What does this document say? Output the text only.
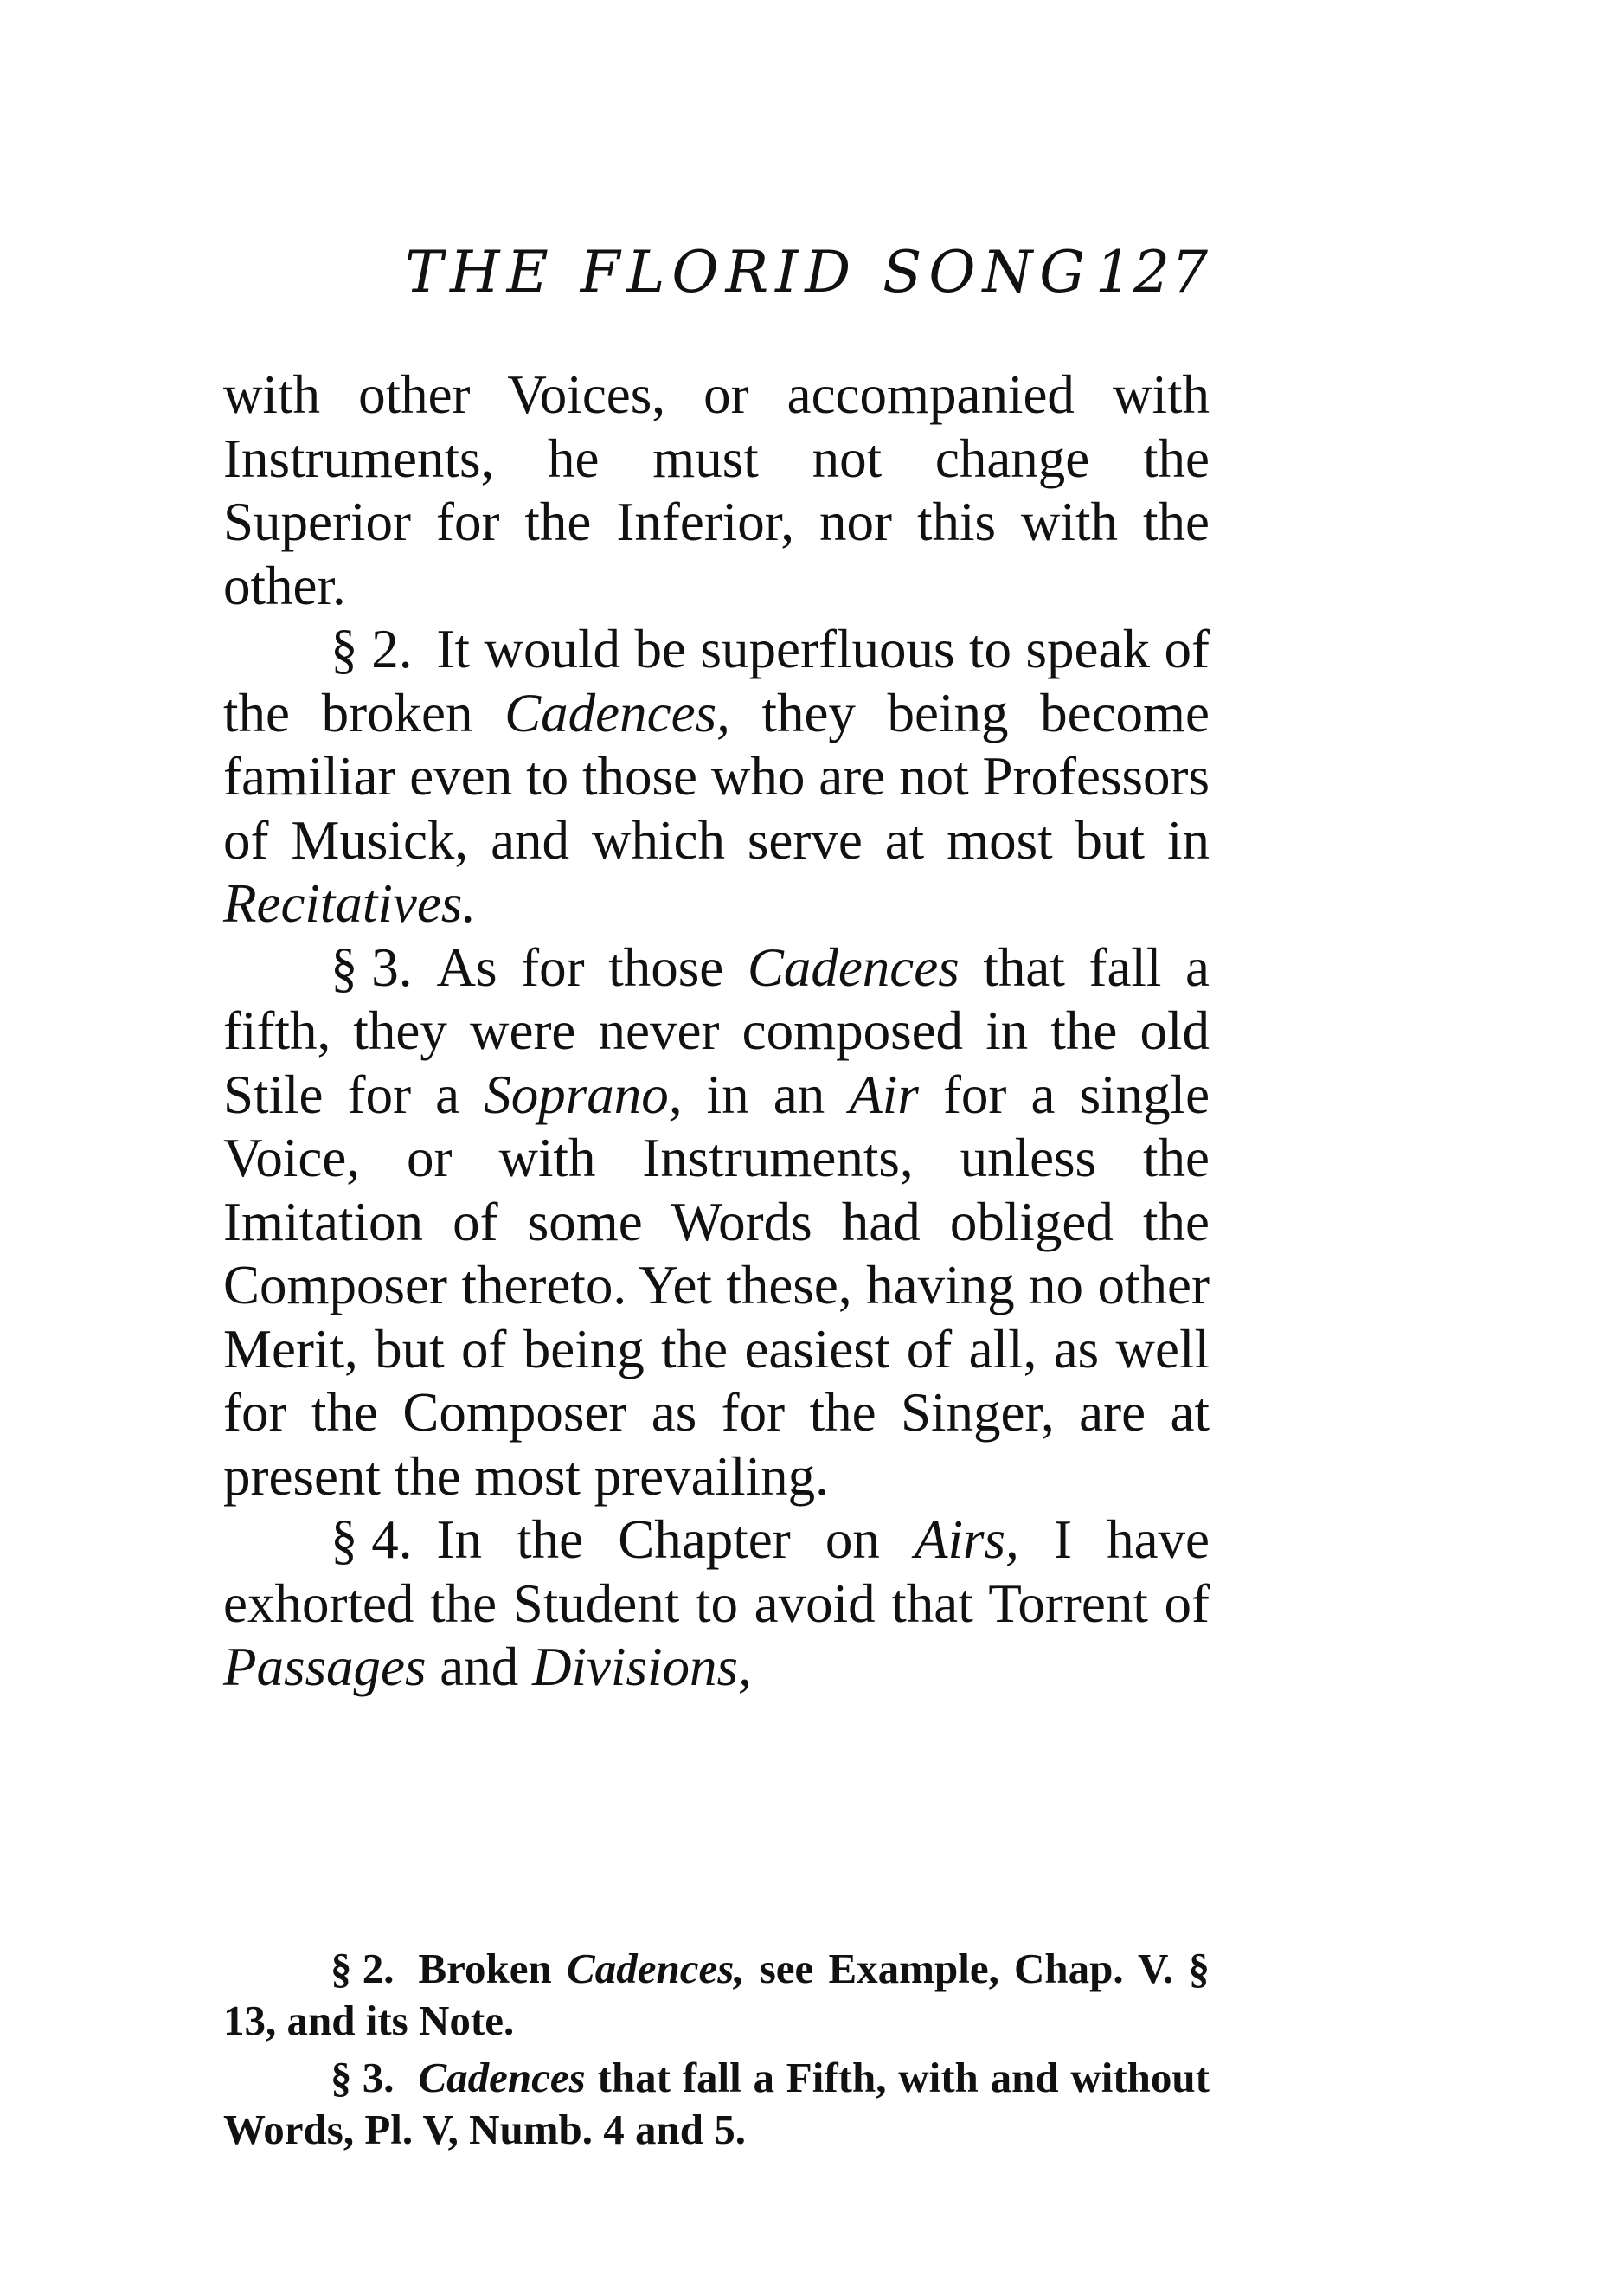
THE FLORID SONG 127

with other Voices, or accompanied with Instruments, he must not change the Superior for the Inferior, nor this with the other.

§ 2. It would be superfluous to speak of the broken Cadences, they being become familiar even to those who are not Professors of Musick, and which serve at most but in Recitatives.

§ 3. As for those Cadences that fall a fifth, they were never composed in the old Stile for a Soprano, in an Air for a single Voice, or with Instruments, unless the Imitation of some Words had obliged the Composer thereto. Yet these, having no other Merit, but of being the easiest of all, as well for the Composer as for the Singer, are at present the most prevailing.

§ 4. In the Chapter on Airs, I have exhorted the Student to avoid that Torrent of Passages and Divisions,

§ 2. Broken Cadences, see Example, Chap. V. § 13, and its Note.

§ 3. Cadences that fall a Fifth, with and without Words, Pl. V, Numb. 4 and 5.
